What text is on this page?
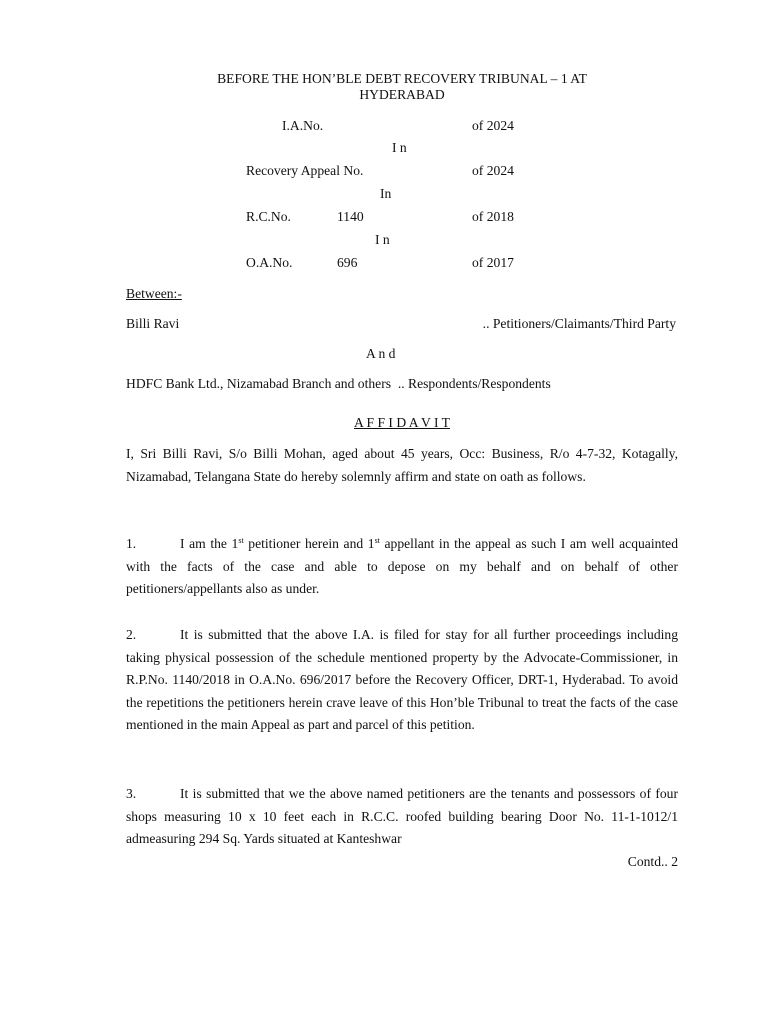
BEFORE THE HON’BLE DEBT RECOVERY TRIBUNAL – 1 AT
HYDERABAD
I.A.No.	of 2024
I n
Recovery Appeal No.	of 2024
In
R.C.No.	1140	of 2018
I n
O.A.No.	696	of 2017
Between:-
Billi Ravi	.. Petitioners/Claimants/Third Party
A n d
HDFC Bank Ltd., Nizamabad Branch and others  .. Respondents/Respondents
A F F I D A V I T
I, Sri Billi Ravi, S/o Billi Mohan, aged about 45 years, Occ: Business, R/o 4-7-32, Kotagally, Nizamabad, Telangana State do hereby solemnly affirm and state on oath as follows.
1.	I am the 1st petitioner herein and 1st appellant in the appeal as such I am well acquainted with the facts of the case and able to depose on my behalf and on behalf of other petitioners/appellants also as under.
2.	It is submitted that the above I.A. is filed for stay for all further proceedings including taking physical possession of the schedule mentioned property by the Advocate-Commissioner, in R.P.No. 1140/2018 in O.A.No. 696/2017 before the Recovery Officer, DRT-1, Hyderabad. To avoid the repetitions the petitioners herein crave leave of this Hon’ble Tribunal to treat the facts of the case mentioned in the main Appeal as part and parcel of this petition.
3.	It is submitted that we the above named petitioners are the tenants and possessors of four shops measuring 10 x 10 feet each in R.C.C. roofed building bearing Door No. 11-1-1012/1 admeasuring 294 Sq. Yards situated at Kanteshwar
Contd.. 2
